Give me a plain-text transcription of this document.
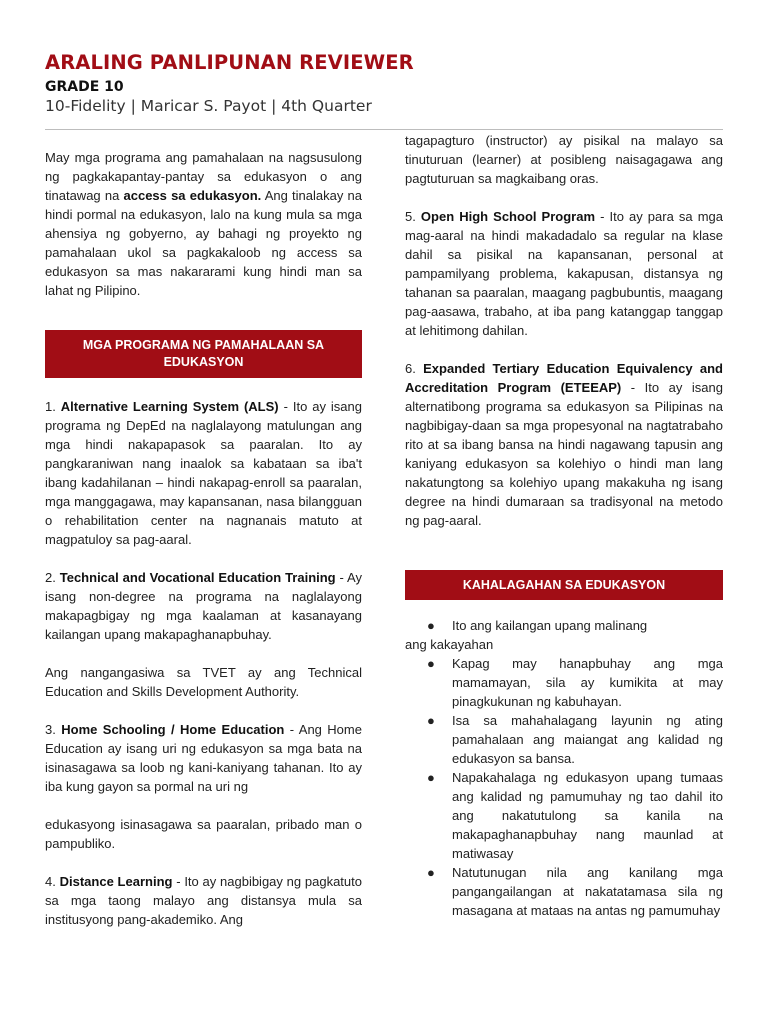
ARALING PANLIPUNAN REVIEWER
GRADE 10
10-Fidelity | Maricar S. Payot | 4th Quarter

May mga programa ang pamahalaan na nagsusulong ng pagkakapantay-pantay sa edukasyon o ang tinatawag na access sa edukasyon. Ang tinalakay na hindi pormal na edukasyon, lalo na kung mula sa mga ahensiya ng gobyerno, ay bahagi ng proyekto ng pamahalaan ukol sa pagkakaloob ng access sa edukasyon sa mas nakararami kung hindi man sa lahat ng Pilipino.

MGA PROGRAMA NG PAMAHALAAN SA EDUKASYON

1. Alternative Learning System (ALS) - Ito ay isang programa ng DepEd na naglalayong matulungan ang mga hindi nakapapasok sa paaralan. Ito ay pangkaraniwan nang inaalok sa kabataan sa iba't ibang kadahilanan – hindi nakapag-enroll sa paaralan, mga manggagawa, may kapansanan, nasa bilangguan o rehabilitation center na nagnanais matuto at magpatuloy sa pag-aaral.

2. Technical and Vocational Education Training - Ay isang non-degree na programa na naglalayong makapagbigay ng mga kaalaman at kasanayang kailangan upang makapaghanapbuhay.

Ang nangangasiwa sa TVET ay ang Technical Education and Skills Development Authority.

3. Home Schooling / Home Education - Ang Home Education ay isang uri ng edukasyon sa mga bata na isinasagawa sa loob ng kani-kaniyang tahanan. Ito ay iba kung gayon sa pormal na uri ng

edukasyong isinasagawa sa paaralan, pribado man o pampubliko.

4. Distance Learning - Ito ay nagbibigay ng pagkatuto sa mga taong malayo ang distansya mula sa institusyong pang-akademiko. Ang

tagapagturo (instructor) ay pisikal na malayo sa tinuturuan (learner) at posibleng naisagagawa ang pagtuturuan sa magkaibang oras.

5. Open High School Program - Ito ay para sa mga mag-aaral na hindi makadadalo sa regular na klase dahil sa pisikal na kapansanan, personal at pampamilyang problema, kakapusan, distansya ng tahanan sa paaralan, maagang pagbubuntis, maagang pag-aasawa, trabaho, at iba pang katanggap tanggap at lehitimong dahilan.

6. Expanded Tertiary Education Equivalency and Accreditation Program (ETEEAP) - Ito ay isang alternatibong programa sa edukasyon sa Pilipinas na nagbibigay-daan sa mga propesyonal na nagtatrabaho rito at sa ibang bansa na hindi nagawang tapusin ang kaniyang edukasyon sa kolehiyo o hindi man lang nakatungtong sa kolehiyo upang makakuha ng isang degree na hindi dumaraan sa tradisyonal na metodo ng pag-aaral.

KAHALAGAHAN SA EDUKASYON
● Ito ang kailangan upang malinang

ang kakayahan

● Kapag may hanapbuhay ang mga mamamayan, sila ay kumikita at may pinagkukunan ng kabuhayan.
● Isa sa mahahalagang layunin ng ating pamahalaan ang maiangat ang kalidad ng edukasyon sa bansa.
● Napakahalaga ng edukasyon upang tumaas ang kalidad ng pamumuhay ng tao dahil ito ang nakatutulong sa kanila na makapaghanapbuhay nang maunlad at matiwasay
● Natutunugan nila ang kanilang mga pangangailangan at nakatatamasa sila ng masagana at mataas na antas ng pamumuhay
